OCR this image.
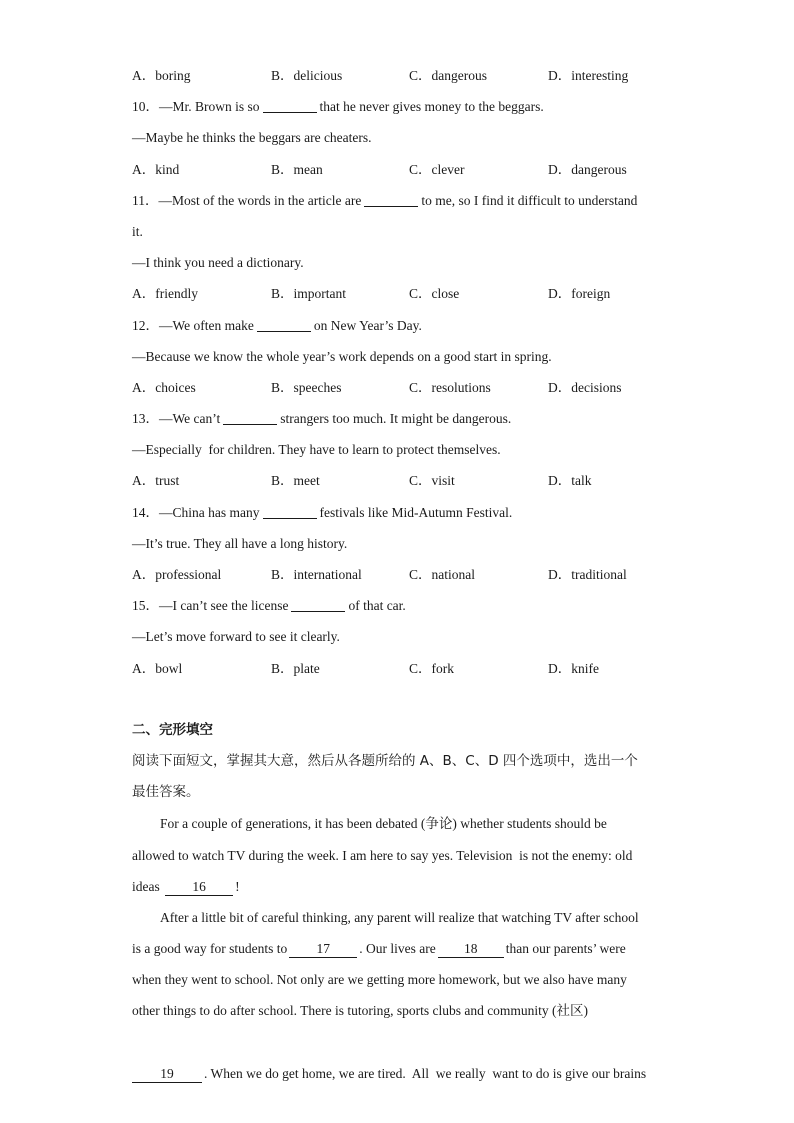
A．boring	B．delicious	C．dangerous	D．interesting
10．—Mr. Brown is so	that he never gives money to the beggars.
—Maybe he thinks the beggars are cheaters.
A．kind	B．mean	C．clever	D．dangerous
11．—Most of the words in the article are	to me, so I find it difficult to understand
it.
—I think you need a dictionary.
A．friendly	B．important	C．close	D．foreign
12．—We often make	on New Year’s Day.
—Because we know the whole year’s work depends on a good start in spring.
A．choices	B．speeches	C．resolutions	D．decisions
13．—We can’t	strangers too much. It might be dangerous.
—Especially  for children. They have to learn to protect themselves.
A．trust	B．meet	C．visit	D．talk
14．—China has many	festivals like Mid-Autumn Festival.
—It’s true. They all have a long history.
A．professional	B．international	C．national	D．traditional
15．—I can’t see the license	of that car.
—Let’s move forward to see it clearly.
A．bowl	B．plate	C．fork	D．knife
二、完形填空
阅读下面短文，掌握其大意，然后从各题所给的 A、B、C、D 四个选项中，选出一个
最佳答案。
For a couple of generations, it has been debated (争论) whether students should be
allowed to watch TV during the week. I am here to say yes. Television  is not the enemy: old
ideas 16 !
After a little bit of careful thinking, any parent will realize that watching TV after school
is a good way for students to 17 . Our lives are 18 than our parents’ were
when they went to school. Not only are we getting more homework, but we also have many
other things to do after school. There is tutoring, sports clubs and community (社区)

19 . When we do get home, we are tired.  All  we really  want to do is give our brains
